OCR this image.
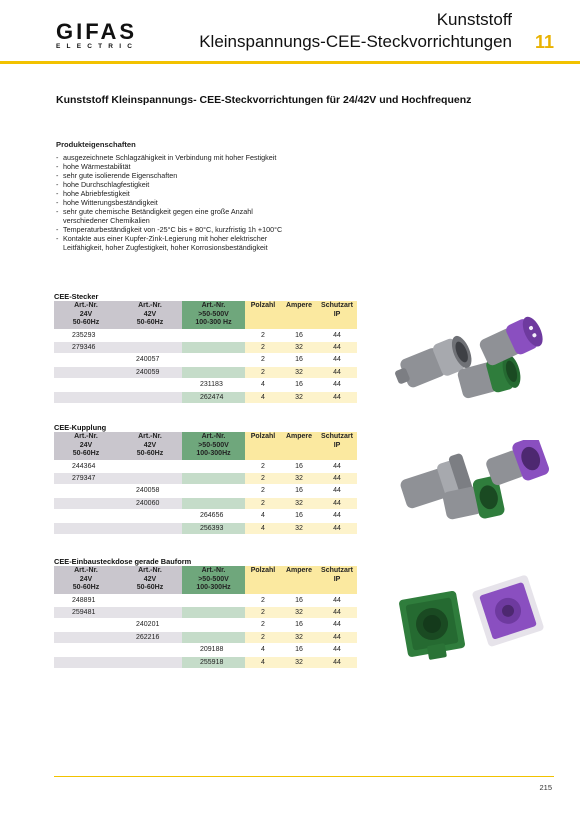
GIFAS
ELECTRIC
Kunststoff
Kleinspannungs-CEE-Steckvorrichtungen 11
Kunststoff Kleinspannungs- CEE-Steckvorrichtungen für 24/42V und Hochfrequenz
Produkteigenschaften
- ausgezeichnete Schlagzähigkeit in Verbindung mit hoher Festigkeit
- hohe Wärmestabilität
- sehr gute isolierende Eigenschaften
- hohe Durchschlagfestigkeit
- hohe Abriebfestigkeit
- hohe Witterungsbeständigkeit
- sehr gute chemische Betändigkeit gegen eine große Anzahl
verschiedener Chemikalien
- Temperaturbeständigkeit von -25°C bis + 80°C, kurzfristig 1h +100°C
- Kontakte aus einer Kupfer-Zink-Legierung mit hoher elektrischer
Leitfähigkeit, hoher Zugfestigkeit, hoher Korrosionsbeständigkeit
CEE-Stecker
CEE-Kupplung
CEE-Einbausteckdose gerade Bauform
Art.-Nr.
24V
50-60Hz	Art.-Nr.
42V
50-60Hz	Art.-Nr.
>50-500V
100-300 Hz	Polzahl	Ampere	Schutzart
IP
235293			2	16	44
279346			2	32	44
	240057		2	16	44
	240059		2	32	44
		231183	4	16	44
		262474	4	32	44
Art.-Nr.
24V
50-60Hz	Art.-Nr.
42V
50-60Hz	Art.-Nr.
>50-500V
100-300Hz	Polzahl	Ampere	Schutzart
IP
244364			2	16	44
279347			2	32	44
	240058		2	16	44
	240060		2	32	44
		264656	4	16	44
		256393	4	32	44
Art.-Nr.
24V
50-60Hz	Art.-Nr.
42V
50-60Hz	Art.-Nr.
>50-500V
100-300Hz	Polzahl	Ampere	Schutzart
IP
248891			2	16	44
259481			2	32	44
	240201		2	16	44
	262216		2	32	44
		209188	4	16	44
		255918	4	32	44
215
